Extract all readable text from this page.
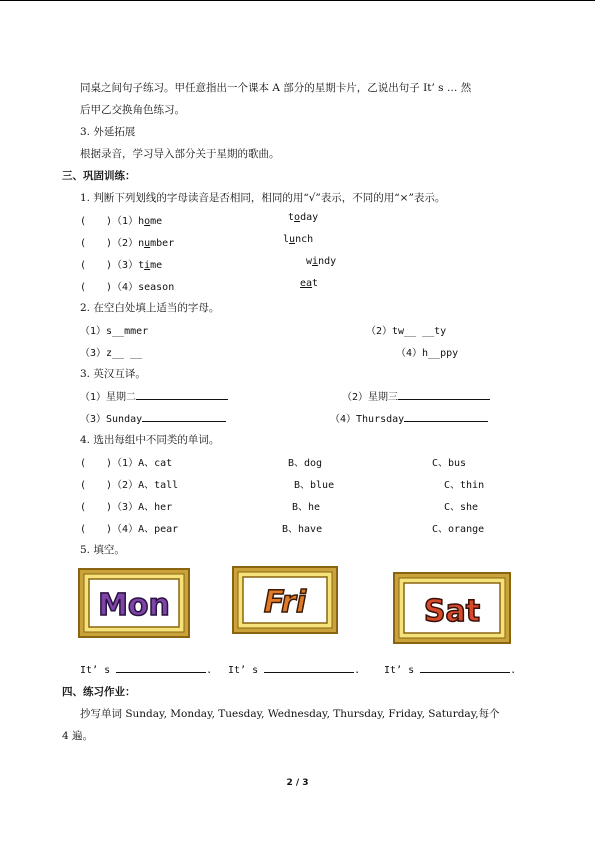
同桌之间句子练习。甲任意指出一个课本 A 部分的星期卡片，乙说出句子 It’ s … 然
后甲乙交换角色练习。
3. 外延拓展
根据录音，学习导入部分关于星期的歌曲。
三、巩固训练：
1. 判断下列划线的字母读音是否相同，相同的用“√”表示，不同的用“×”表示。
(　　)（1）home	today
(　　)（2）number	lunch
(　　)（3）time	windy
(　　)（4）season	eat
2. 在空白处填上适当的字母。
（1）s__mmer	（2）tw__ __ty
（3）z__ __	（4）h__ppy
3. 英汉互译。
（1）星期二	（2）星期三
（3）Sunday	（4）Thursday
4. 选出每组中不同类的单词。
(　　)（1）A、cat	B、dog	C、bus
(　　)（2）A、tall	B、blue	C、thin
(　　)（3）A、her	B、he	C、she
(　　)（4）A、pear	B、have	C、orange
5. 填空。
Mon	Fri	Sat
It’ s	. It’ s	. It’ s	.
四、练习作业：
抄写单词 Sunday, Monday, Tuesday, Wednesday, Thursday, Friday, Saturday,每个
4 遍。
2 / 3
